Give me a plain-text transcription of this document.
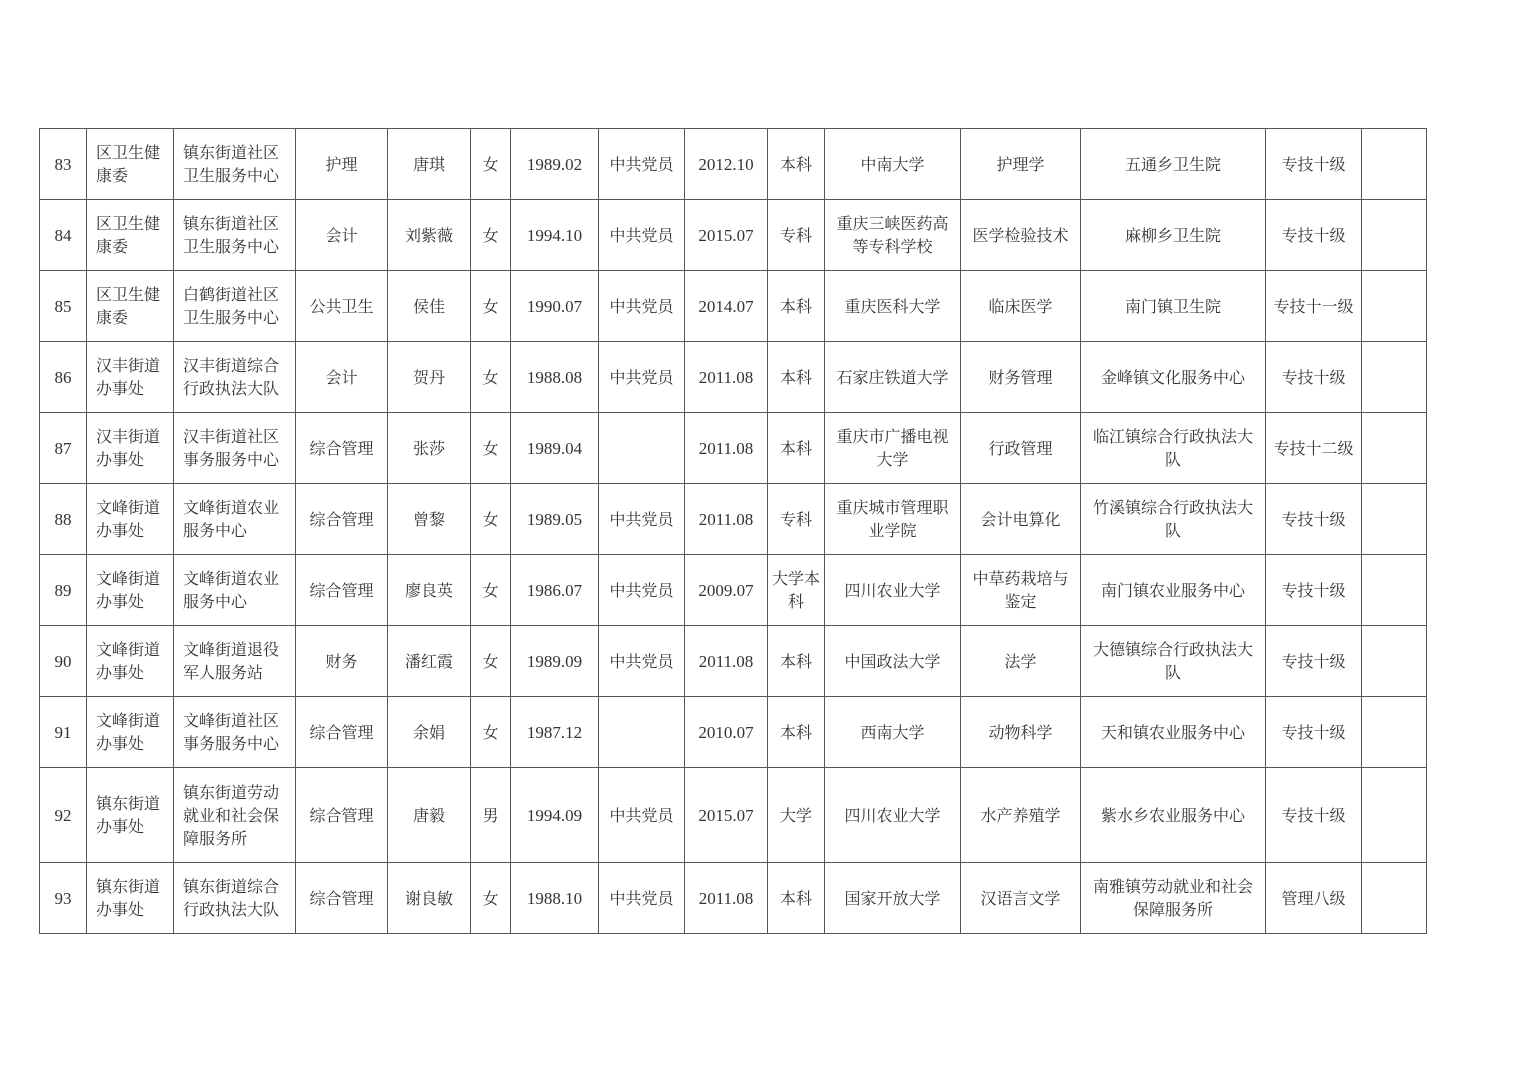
83	区卫生健康委	镇东街道社区卫生服务中心	护理	唐琪	女	1989.02	中共党员	2012.10	本科	中南大学	护理学	五通乡卫生院	专技十级	
84	区卫生健康委	镇东街道社区卫生服务中心	会计	刘紫薇	女	1994.10	中共党员	2015.07	专科	重庆三峡医药高等专科学校	医学检验技术	麻柳乡卫生院	专技十级	
85	区卫生健康委	白鹤街道社区卫生服务中心	公共卫生	侯佳	女	1990.07	中共党员	2014.07	本科	重庆医科大学	临床医学	南门镇卫生院	专技十一级	
86	汉丰街道办事处	汉丰街道综合行政执法大队	会计	贺丹	女	1988.08	中共党员	2011.08	本科	石家庄铁道大学	财务管理	金峰镇文化服务中心	专技十级	
87	汉丰街道办事处	汉丰街道社区事务服务中心	综合管理	张莎	女	1989.04		2011.08	本科	重庆市广播电视大学	行政管理	临江镇综合行政执法大队	专技十二级	
88	文峰街道办事处	文峰街道农业服务中心	综合管理	曾黎	女	1989.05	中共党员	2011.08	专科	重庆城市管理职业学院	会计电算化	竹溪镇综合行政执法大队	专技十级	
89	文峰街道办事处	文峰街道农业服务中心	综合管理	廖良英	女	1986.07	中共党员	2009.07	大学本科	四川农业大学	中草药栽培与鉴定	南门镇农业服务中心	专技十级	
90	文峰街道办事处	文峰街道退役军人服务站	财务	潘红霞	女	1989.09	中共党员	2011.08	本科	中国政法大学	法学	大德镇综合行政执法大队	专技十级	
91	文峰街道办事处	文峰街道社区事务服务中心	综合管理	余娟	女	1987.12		2010.07	本科	西南大学	动物科学	天和镇农业服务中心	专技十级	
92	镇东街道办事处	镇东街道劳动就业和社会保障服务所	综合管理	唐毅	男	1994.09	中共党员	2015.07	大学	四川农业大学	水产养殖学	紫水乡农业服务中心	专技十级	
93	镇东街道办事处	镇东街道综合行政执法大队	综合管理	谢良敏	女	1988.10	中共党员	2011.08	本科	国家开放大学	汉语言文学	南雅镇劳动就业和社会保障服务所	管理八级	
